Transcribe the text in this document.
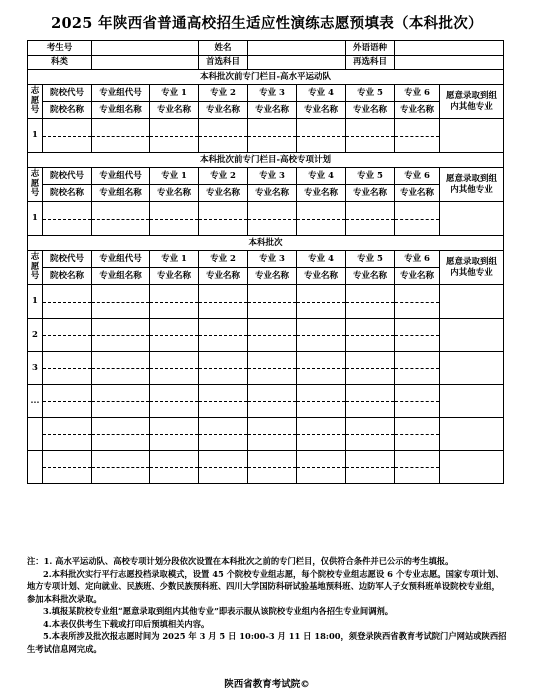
2025 年陕西省普通高校招生适应性演练志愿预填表（本科批次）
考生号				姓名			外语语种		
科类				首选科目			再选科目		
本科批次前专门栏目-高水平运动队									
志愿号	院校代号	专业组代号	专业 1	专业 2	专业 3	专业 4	专业 5	专业 6	愿意录取到组内其他专业
	院校名称	专业组名称	专业名称	专业名称	专业名称	专业名称	专业名称	专业名称	
1									
本科批次前专门栏目-高校专项计划									
志愿号	院校代号	专业组代号	专业 1	专业 2	专业 3	专业 4	专业 5	专业 6	愿意录取到组内其他专业
	院校名称	专业组名称	专业名称	专业名称	专业名称	专业名称	专业名称	专业名称	
1									
本科批次									
志愿号	院校代号	专业组代号	专业 1	专业 2	专业 3	专业 4	专业 5	专业 6	愿意录取到组内其他专业
	院校名称	专业组名称	专业名称	专业名称	专业名称	专业名称	专业名称	专业名称	
1									
2									
3									
...									

注：1. 高水平运动队、高校专项计划分段依次设置在本科批次之前的专门栏目，仅供符合条件并已公示的考生填报。

2.本科批次实行平行志愿投档录取模式，设置 45 个院校专业组志愿，每个院校专业组志愿设 6 个专业志愿。国家专项计划、地方专项计划、定向就业、民族班、少数民族预科班、四川大学国防科研试验基地预科班、边防军人子女预科班单设院校专业组，参加本科批次录取。

3.填报某院校专业组“愿意录取到组内其他专业”即表示服从该院校专业组内各招生专业间调剂。

4.本表仅供考生下载或打印后预填相关内容。

5.本表所涉及批次报志愿时间为 2025 年 3 月 5 日 10:00-3 月 11 日 18:00，须登录陕西省教育考试院门户网站或陕西招生考试信息网完成。

陕西省教育考试院©
